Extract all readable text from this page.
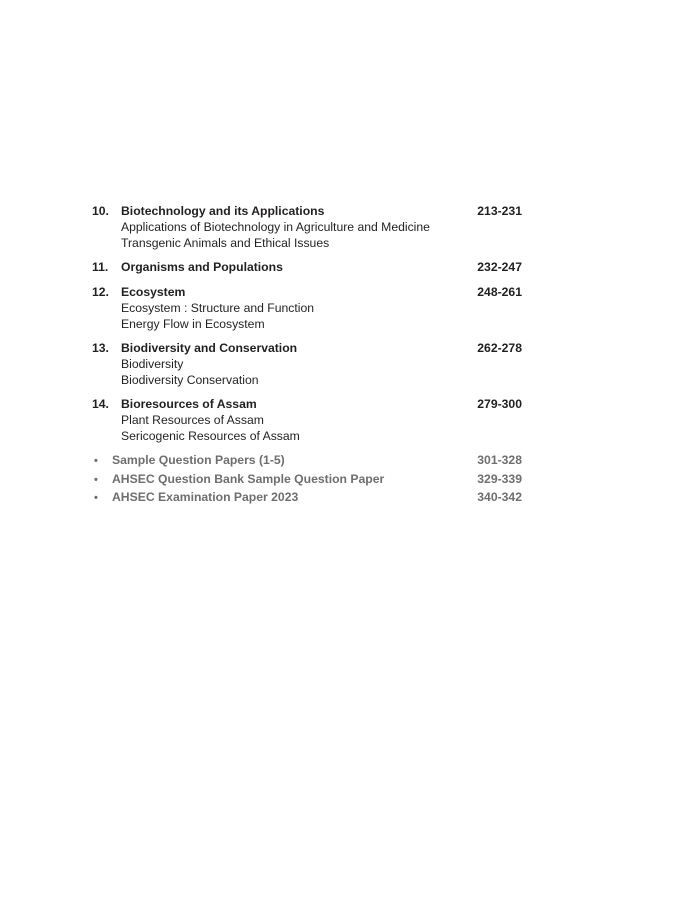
10. Biotechnology and its Applications	213-231
Applications of Biotechnology in Agriculture and Medicine
Transgenic Animals and Ethical Issues
11.	Organisms and Populations	232-247
12. Ecosystem	248-261
Ecosystem : Structure and Function
Energy Flow in Ecosystem
13. Biodiversity and Conservation	262-278
Biodiversity
Biodiversity Conservation
14. Bioresources of Assam	279-300
Plant Resources of Assam
Sericogenic Resources of Assam
•	Sample Question Papers (1-5)	301-328
•	AHSEC Question Bank Sample Question Paper	329-339
•	AHSEC Examination Paper 2023	340-342
